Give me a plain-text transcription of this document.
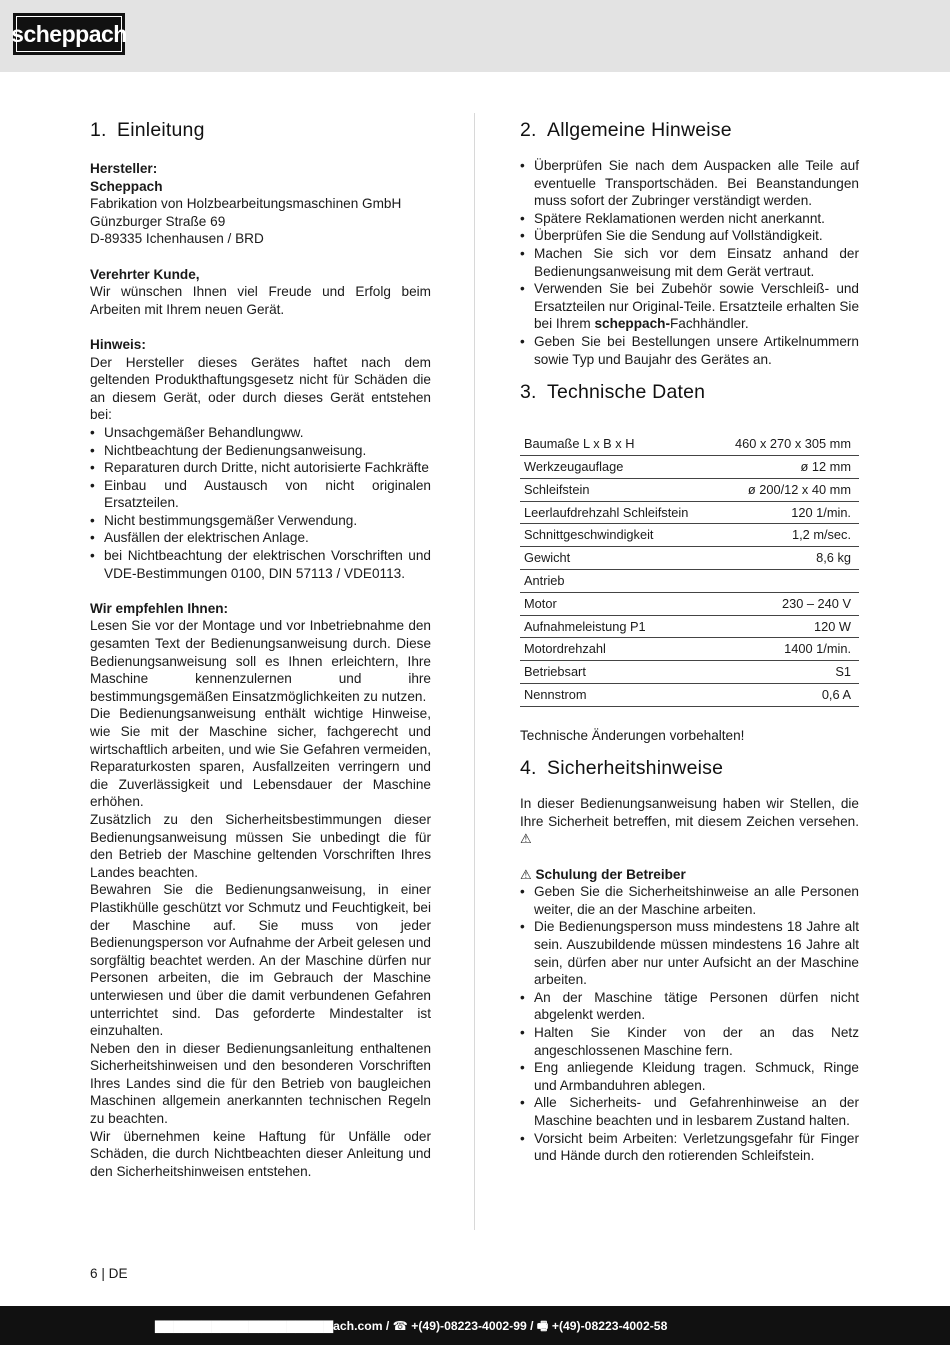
scheppach
1. Einleitung
Hersteller:
Scheppach
Fabrikation von Holzbearbeitungsmaschinen GmbH
Günzburger Straße 69
D-89335 Ichenhausen / BRD
Verehrter Kunde,

Wir wünschen Ihnen viel Freude und Erfolg beim Arbeiten mit Ihrem neuen Gerät.

Hinweis:

Der Hersteller dieses Gerätes haftet nach dem geltenden Produkthaftungsgesetz nicht für Schäden die an diesem Gerät, oder durch dieses Gerät entstehen bei:

• Unsachgemäßer Behandlungww.
• Nichtbeachtung der Bedienungsanweisung.
• Reparaturen durch Dritte, nicht autorisierte Fachkräfte
• Einbau und Austausch von nicht originalen Ersatzteilen.
• Nicht bestimmungsgemäßer Verwendung.
• Ausfällen der elektrischen Anlage.
• bei Nichtbeachtung der elektrischen Vorschriften und VDE-Bestimmungen 0100, DIN 57113 / VDE0113.
Wir empfehlen Ihnen:

Lesen Sie vor der Montage und vor Inbetriebnahme den gesamten Text der Bedienungsanweisung durch. Diese Bedienungsanweisung soll es Ihnen erleichtern, Ihre Maschine kennenzulernen und ihre bestimmungsgemäßen Einsatzmöglichkeiten zu nutzen.

Die Bedienungsanweisung enthält wichtige Hinweise, wie Sie mit der Maschine sicher, fachgerecht und wirtschaftlich arbeiten, und wie Sie Gefahren vermeiden, Reparaturkosten sparen, Ausfallzeiten verringern und die Zuverlässigkeit und Lebensdauer der Maschine erhöhen.

Zusätzlich zu den Sicherheitsbestimmungen dieser Bedienungsanweisung müssen Sie unbedingt die für den Betrieb der Maschine geltenden Vorschriften Ihres Landes beachten.

Bewahren Sie die Bedienungsanweisung, in einer Plastikhülle geschützt vor Schmutz und Feuchtigkeit, bei der Maschine auf. Sie muss von jeder Bedienungsperson vor Aufnahme der Arbeit gelesen und sorgfältig beachtet werden. An der Maschine dürfen nur Personen arbeiten, die im Gebrauch der Maschine unterwiesen und über die damit verbundenen Gefahren unterrichtet sind. Das geforderte Mindestalter ist einzuhalten.

Neben den in dieser Bedienungsanleitung enthaltenen Sicherheitshinweisen und den besonderen Vorschriften Ihres Landes sind die für den Betrieb von baugleichen Maschinen allgemein anerkannten technischen Regeln zu beachten.

Wir übernehmen keine Haftung für Unfälle oder Schäden, die durch Nichtbeachten dieser Anleitung und den Sicherheitshinweisen entstehen.

2. Allgemeine Hinweise
• Überprüfen Sie nach dem Auspacken alle Teile auf eventuelle Transportschäden. Bei Beanstandungen muss sofort der Zubringer verständigt werden.
• Spätere Reklamationen werden nicht anerkannt.
• Überprüfen Sie die Sendung auf Vollständigkeit.
• Machen Sie sich vor dem Einsatz anhand der Bedienungsanweisung mit dem Gerät vertraut.
• Verwenden Sie bei Zubehör sowie Verschleiß- und Ersatzteilen nur Original-Teile. Ersatzteile erhalten Sie bei Ihrem scheppach-Fachhändler.
• Geben Sie bei Bestellungen unsere Artikelnummern sowie Typ und Baujahr des Gerätes an.
3. Technische Daten
Baumaße L x B x H	460 x 270 x 305 mm
Werkzeugauflage	ø 12 mm
Schleifstein	ø 200/12 x 40 mm
Leerlaufdrehzahl Schleifstein	120 1/min.
Schnittgeschwindigkeit	1,2 m/sec.
Gewicht	8,6 kg
Antrieb	
Motor	230 – 240 V
Aufnahmeleistung P1	120 W
Motordrehzahl	1400 1/min.
Betriebsart	S1
Nennstrom	0,6 A
Technische Änderungen vorbehalten!
4. Sicherheitshinweise

In dieser Bedienungsanweisung haben wir Stellen, die Ihre Sicherheit betreffen, mit diesem Zeichen versehen. ⚠

⚠ Schulung der Betreiber
• Geben Sie die Sicherheitshinweise an alle Personen weiter, die an der Maschine arbeiten.
• Die Bedienungsperson muss mindestens 18 Jahre alt sein. Auszubildende müssen mindestens 16 Jahre alt sein, dürfen aber nur unter Aufsicht an der Maschine arbeiten.
• An der Maschine tätige Personen dürfen nicht abgelenkt werden.
• Halten Sie Kinder von der an das Netz angeschlossenen Maschine fern.
• Eng anliegende Kleidung tragen. Schmuck, Ringe und Armbanduhren ablegen.
• Alle Sicherheits- und Gefahrenhinweise an der Maschine beachten und in lesbarem Zustand halten.
• Vorsicht beim Arbeiten: Verletzungsgefahr für Finger und Hände durch den rotierenden Schleifstein.
6 | DE
▇▇▇▇▇▇▇▇▇▇▇▇▇▇▇▇▇▇▇ach.com / ☎ +(49)-08223-4002-99 / 🖷 +(49)-08223-4002-58
